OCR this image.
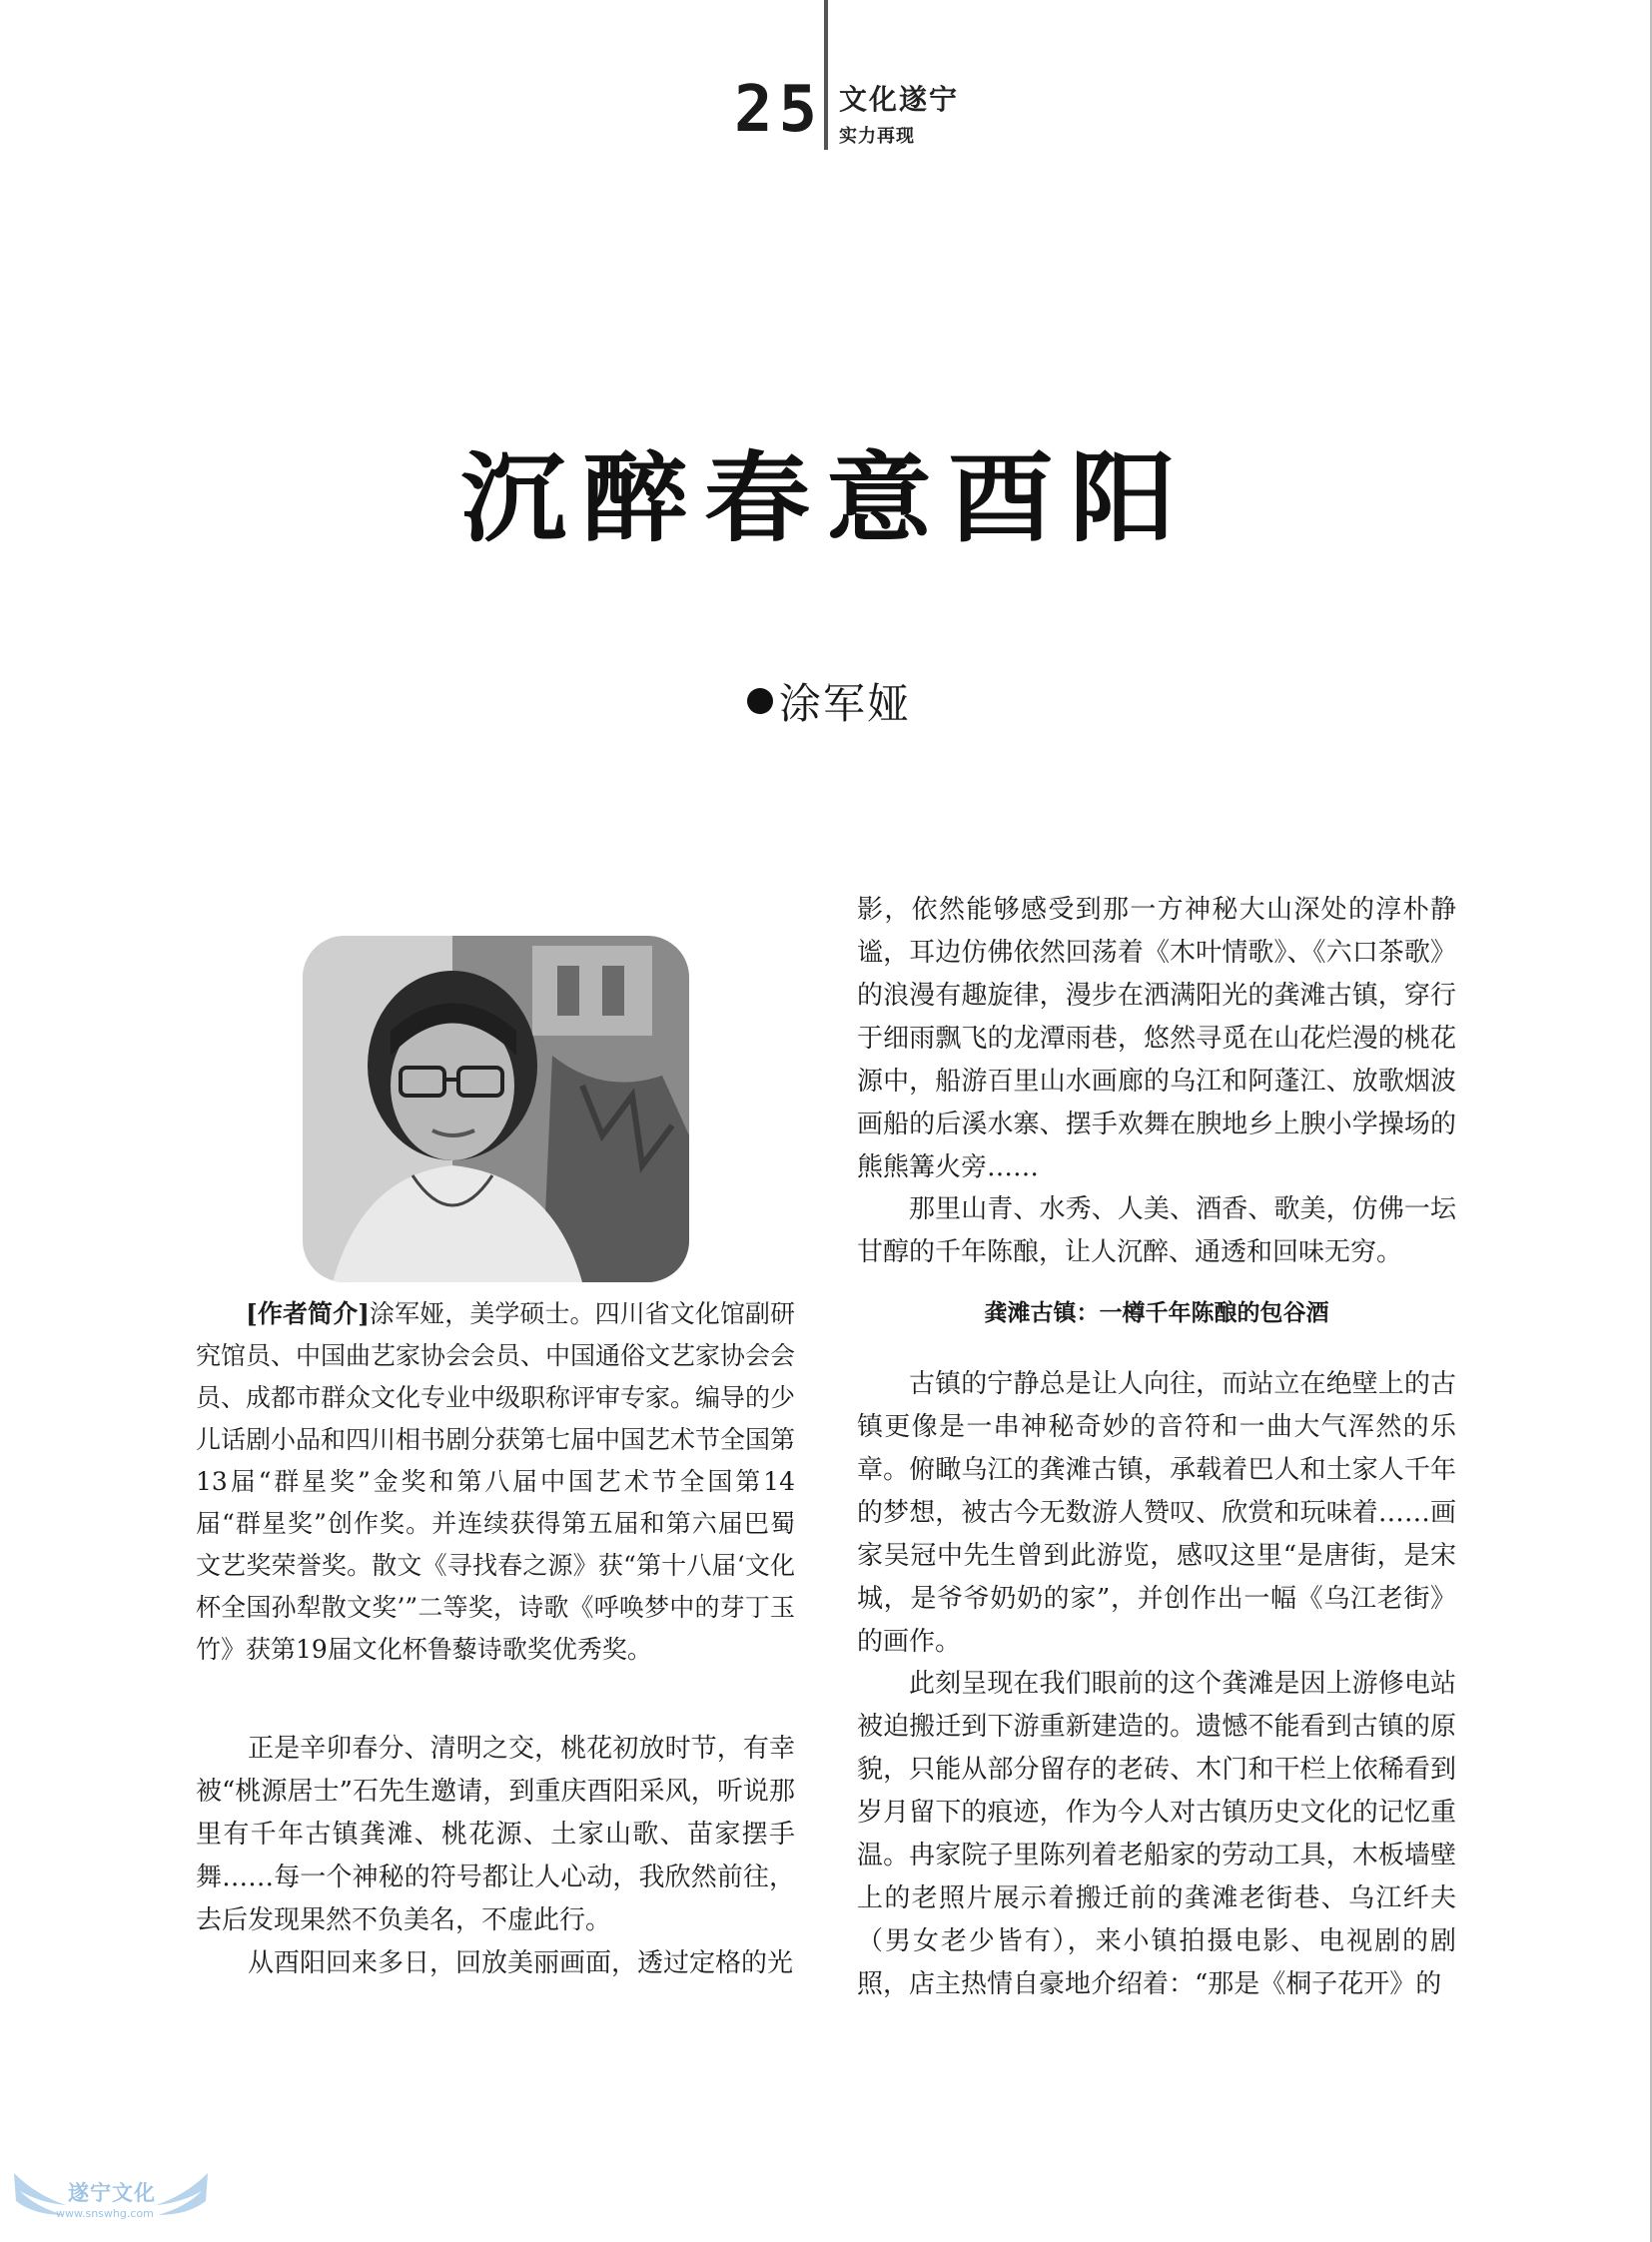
25 文化遂宁
实力再现
沉醉春意酉阳
涂军娅

[作者简介]涂军娅，美学硕士。四川省文化馆副研究馆员、中国曲艺家协会会员、中国通俗文艺家协会会员、成都市群众文化专业中级职称评审专家。编导的少儿话剧小品和四川相书剧分获第七届中国艺术节全国第13届“群星奖”金奖和第八届中国艺术节全国第14届“群星奖”创作奖。并连续获得第五届和第六届巴蜀文艺奖荣誉奖。散文《寻找春之源》获“第十八届‘文化杯全国孙犁散文奖’”二等奖，诗歌《呼唤梦中的芽丁玉竹》获第19届文化杯鲁藜诗歌奖优秀奖。

正是辛卯春分、清明之交，桃花初放时节，有幸被“桃源居士”石先生邀请，到重庆酉阳采风，听说那里有千年古镇龚滩、桃花源、土家山歌、苗家摆手舞……每一个神秘的符号都让人心动，我欣然前往，去后发现果然不负美名，不虚此行。

从酉阳回来多日，回放美丽画面，透过定格的光

影，依然能够感受到那一方神秘大山深处的淳朴静谧，耳边仿佛依然回荡着《木叶情歌》、《六口茶歌》的浪漫有趣旋律，漫步在洒满阳光的龚滩古镇，穿行于细雨飘飞的龙潭雨巷，悠然寻觅在山花烂漫的桃花源中，船游百里山水画廊的乌江和阿蓬江、放歌烟波画船的后溪水寨、摆手欢舞在腴地乡上腴小学操场的熊熊篝火旁……

那里山青、水秀、人美、酒香、歌美，仿佛一坛甘醇的千年陈酿，让人沉醉、通透和回味无穷。

龚滩古镇：一樽千年陈酿的包谷酒

古镇的宁静总是让人向往，而站立在绝壁上的古镇更像是一串神秘奇妙的音符和一曲大气浑然的乐章。俯瞰乌江的龚滩古镇，承载着巴人和土家人千年的梦想，被古今无数游人赞叹、欣赏和玩味着……画家吴冠中先生曾到此游览，感叹这里“是唐街，是宋城，是爷爷奶奶的家”，并创作出一幅《乌江老街》的画作。

此刻呈现在我们眼前的这个龚滩是因上游修电站被迫搬迁到下游重新建造的。遗憾不能看到古镇的原貌，只能从部分留存的老砖、木门和干栏上依稀看到岁月留下的痕迹，作为今人对古镇历史文化的记忆重温。冉家院子里陈列着老船家的劳动工具，木板墙壁上的老照片展示着搬迁前的龚滩老街巷、乌江纤夫（男女老少皆有），来小镇拍摄电影、电视剧的剧照，店主热情自豪地介绍着：“那是《桐子花开》的

遂宁文化
www.snswhg.com
